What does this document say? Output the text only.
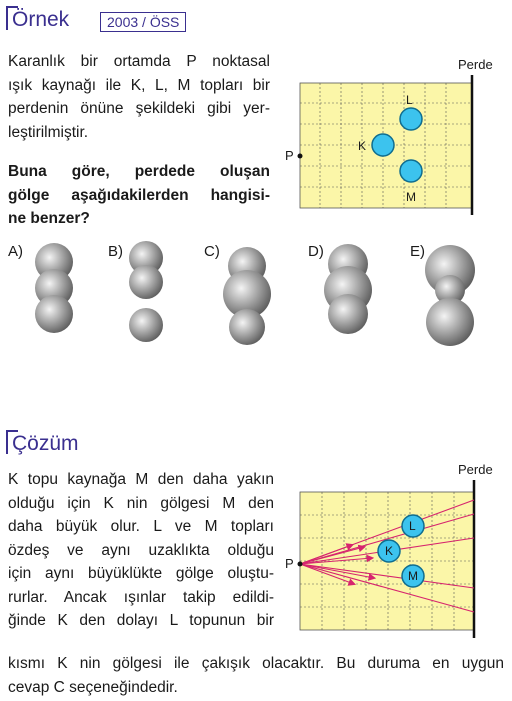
Örnek	2003 / ÖSS
Karanlık bir ortamda P noktasal
ışık kaynağı ile K, L, M topları bir
perdenin önüne şekildeki gibi yer-
leştirilmiştir.
Buna göre, perdede oluşan
gölge aşağıdakilerden hangisi-
ne benzer?
Perde
P
L
K
M
A)	B)	C)	D)	E)
Çözüm
K topu kaynağa M den daha yakın
olduğu için K nin gölgesi M den
daha büyük olur. L ve M topları
özdeş ve aynı uzaklıkta olduğu
için aynı büyüklükte gölge oluştu-
rurlar. Ancak ışınlar takip edildi-
ğinde K den dolayı L topunun bir
kısmı K nin gölgesi ile çakışık olacaktır. Bu duruma en uygun
cevap C seçeneğindedir.
Perde
P
L
K
M
